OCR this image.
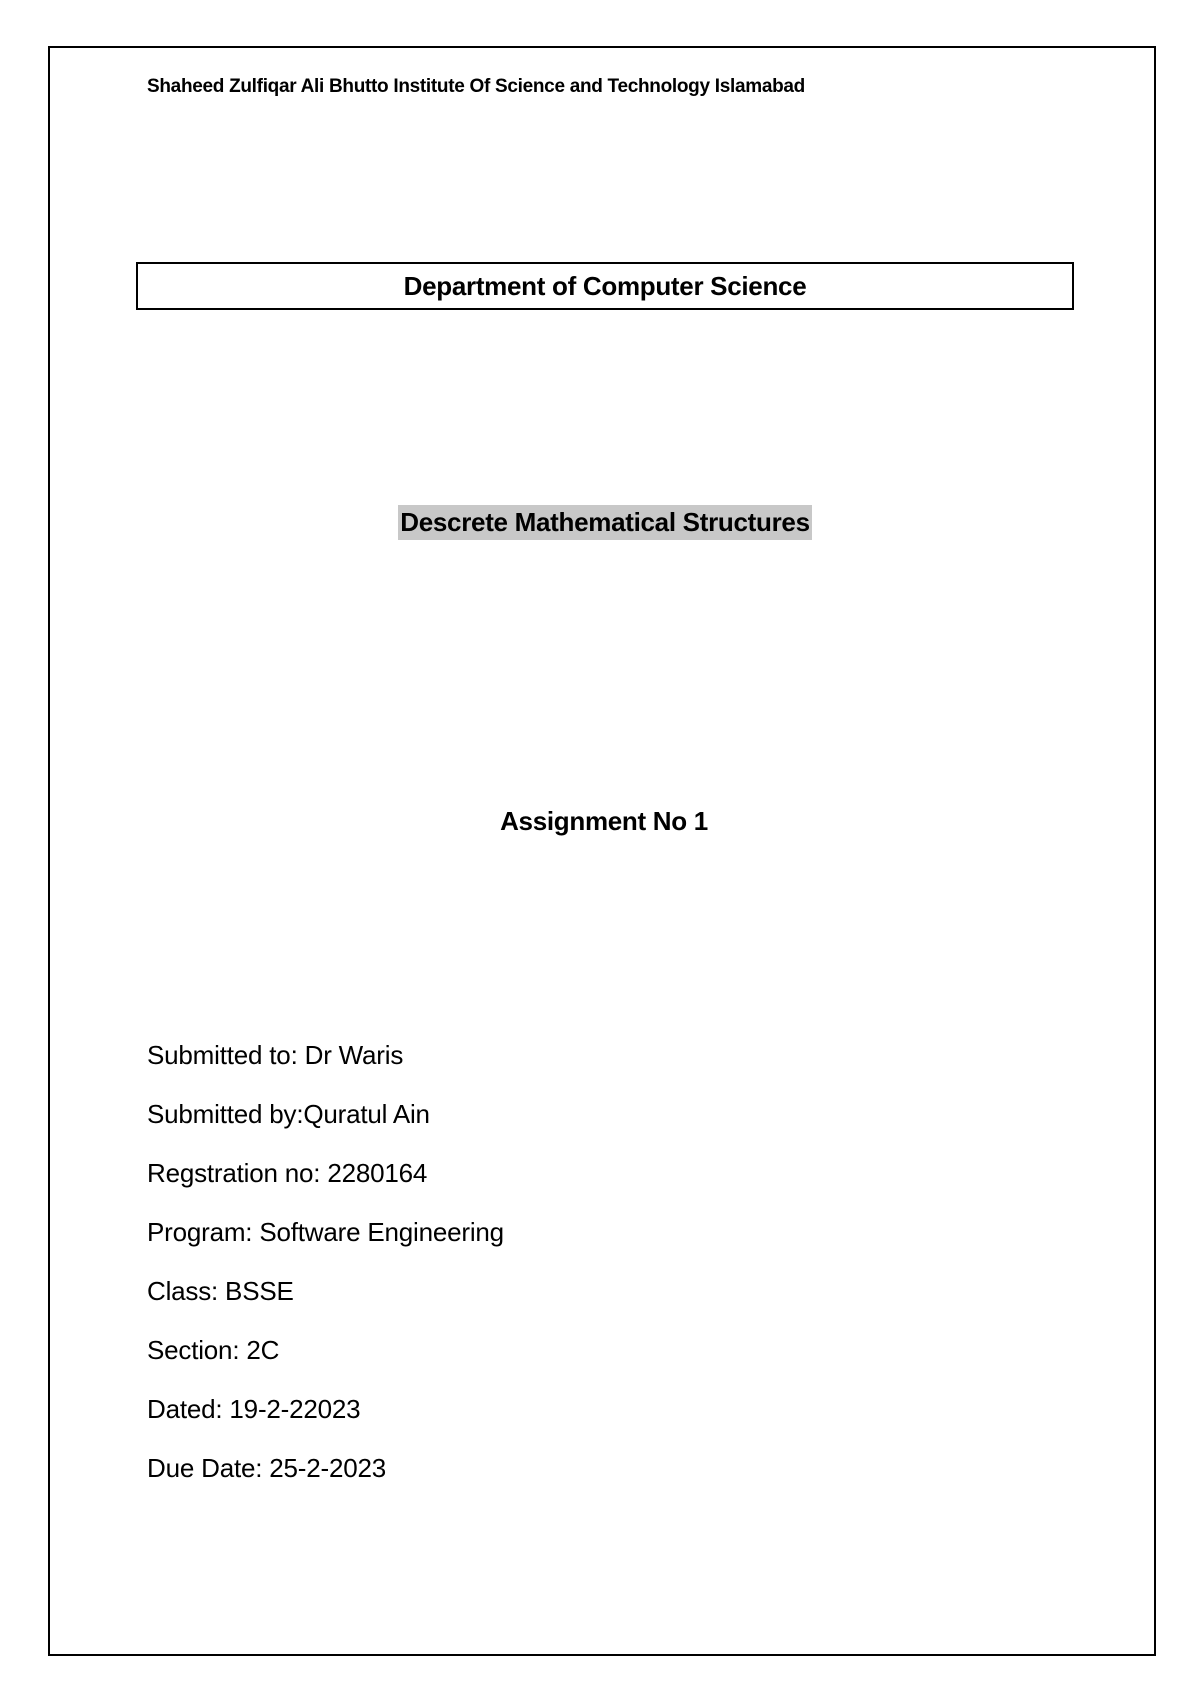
Shaheed Zulfiqar Ali Bhutto Institute Of Science and Technology Islamabad
Department of Computer Science
Descrete Mathematical Structures
Assignment No 1
Submitted to: Dr Waris
Submitted by:Quratul Ain
Regstration no: 2280164
Program: Software Engineering
Class: BSSE
Section: 2C
Dated: 19-2-22023
Due Date: 25-2-2023
